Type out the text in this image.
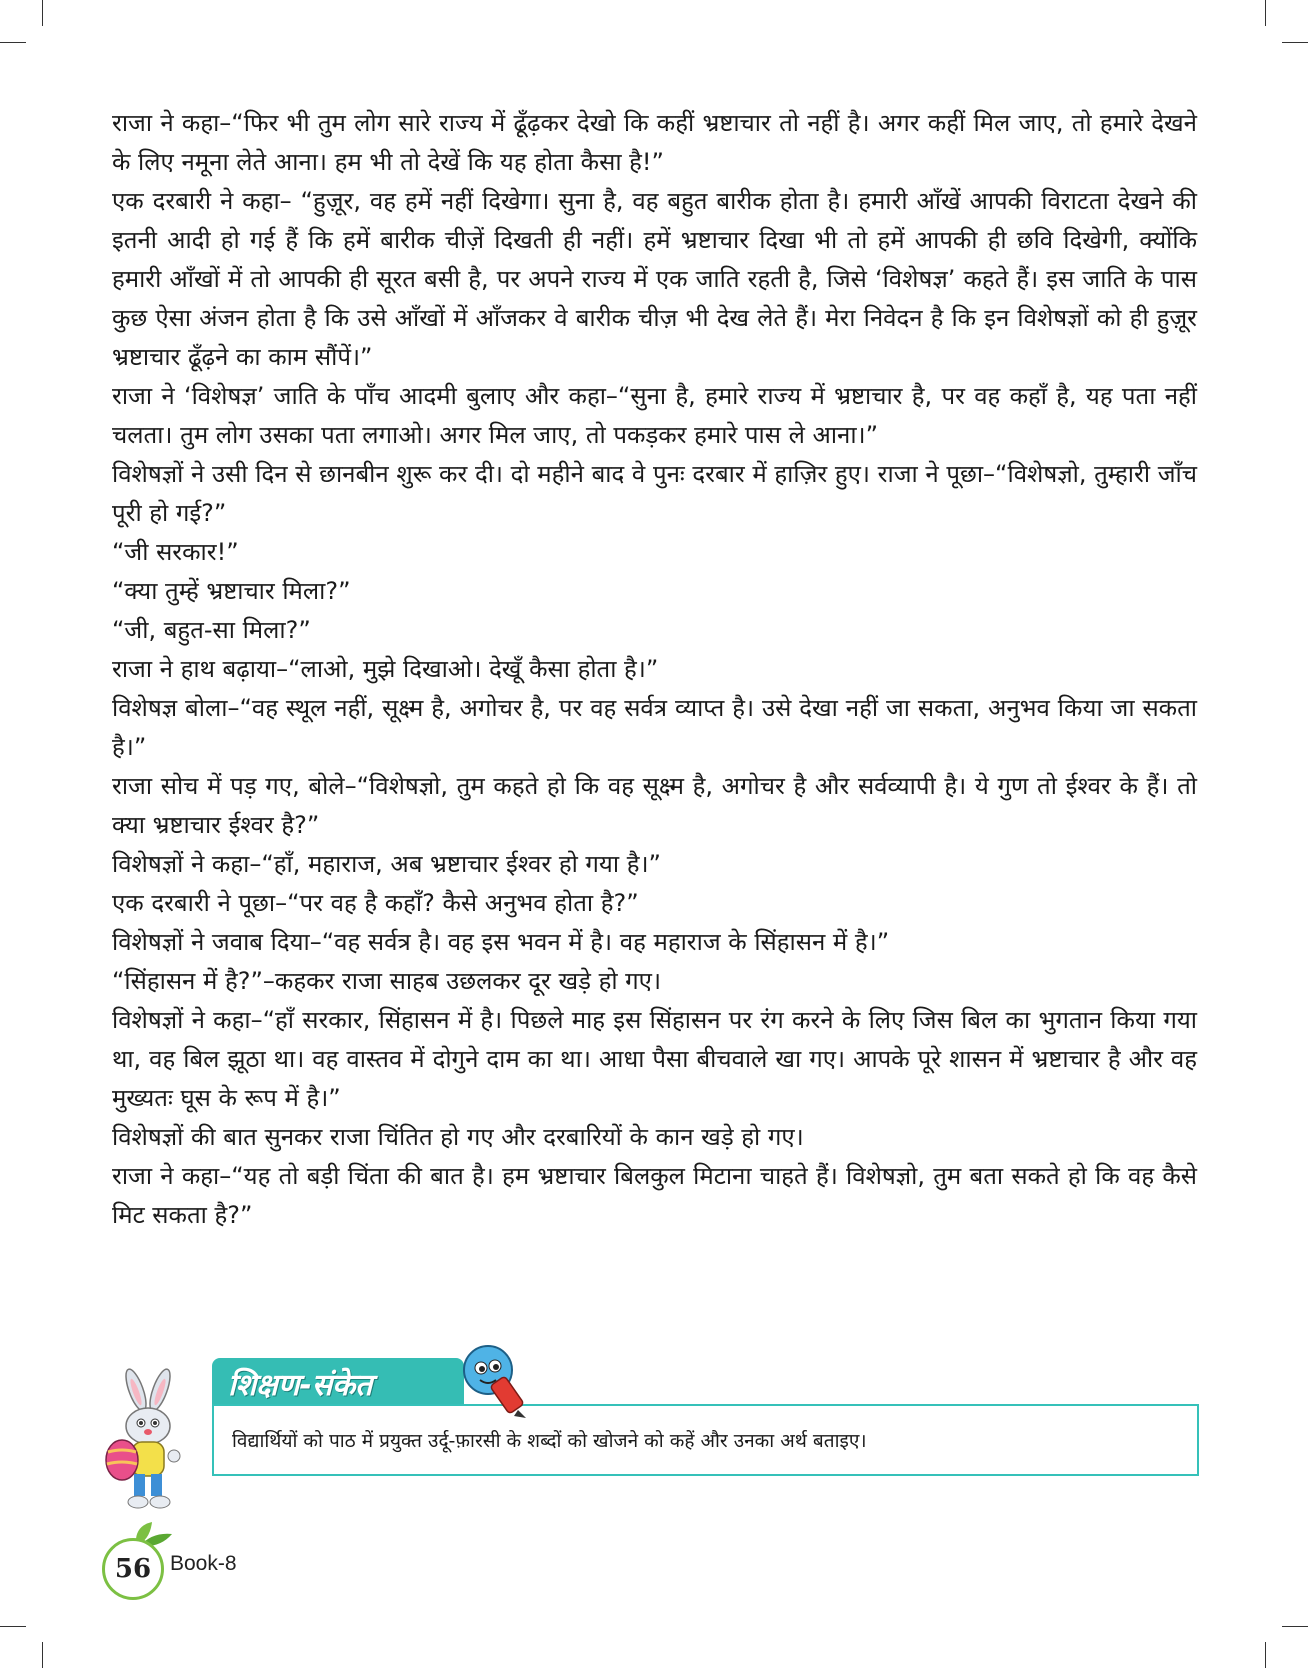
राजा ने कहा–“फिर भी तुम लोग सारे राज्य में ढूँढ़कर देखो कि कहीं भ्रष्टाचार तो नहीं है। अगर कहीं मिल जाए, तो हमारे देखने के लिए नमूना लेते आना। हम भी तो देखें कि यह होता कैसा है!”

एक दरबारी ने कहा– “हुज़ूर, वह हमें नहीं दिखेगा। सुना है, वह बहुत बारीक होता है। हमारी आँखें आपकी विराटता देखने की इतनी आदी हो गई हैं कि हमें बारीक चीज़ें दिखती ही नहीं। हमें भ्रष्टाचार दिखा भी तो हमें आपकी ही छवि दिखेगी, क्योंकि हमारी आँखों में तो आपकी ही सूरत बसी है, पर अपने राज्य में एक जाति रहती है, जिसे ‘विशेषज्ञ’ कहते हैं। इस जाति के पास कुछ ऐसा अंजन होता है कि उसे आँखों में आँजकर वे बारीक चीज़ भी देख लेते हैं। मेरा निवेदन है कि इन विशेषज्ञों को ही हुज़ूर भ्रष्टाचार ढूँढ़ने का काम सौंपें।”

राजा ने ‘विशेषज्ञ’ जाति के पाँच आदमी बुलाए और कहा–“सुना है, हमारे राज्य में भ्रष्टाचार है, पर वह कहाँ है, यह पता नहीं चलता। तुम लोग उसका पता लगाओ। अगर मिल जाए, तो पकड़कर हमारे पास ले आना।”

विशेषज्ञों ने उसी दिन से छानबीन शुरू कर दी। दो महीने बाद वे पुनः दरबार में हाज़िर हुए। राजा ने पूछा–“विशेषज्ञो, तुम्हारी जाँच पूरी हो गई?”

“जी सरकार!”

“क्या तुम्हें भ्रष्टाचार मिला?”

“जी, बहुत-सा मिला?”

राजा ने हाथ बढ़ाया–“लाओ, मुझे दिखाओ। देखूँ कैसा होता है।”

विशेषज्ञ बोला–“वह स्थूल नहीं, सूक्ष्म है, अगोचर है, पर वह सर्वत्र व्याप्त है। उसे देखा नहीं जा सकता, अनुभव किया जा सकता है।”

राजा सोच में पड़ गए, बोले–“विशेषज्ञो, तुम कहते हो कि वह सूक्ष्म है, अगोचर है और सर्वव्यापी है। ये गुण तो ईश्वर के हैं। तो क्या भ्रष्टाचार ईश्वर है?”

विशेषज्ञों ने कहा–“हाँ, महाराज, अब भ्रष्टाचार ईश्वर हो गया है।”

एक दरबारी ने पूछा–“पर वह है कहाँ? कैसे अनुभव होता है?”

विशेषज्ञों ने जवाब दिया–“वह सर्वत्र है। वह इस भवन में है। वह महाराज के सिंहासन में है।”

“सिंहासन में है?”–कहकर राजा साहब उछलकर दूर खड़े हो गए।

विशेषज्ञों ने कहा–“हाँ सरकार, सिंहासन में है। पिछले माह इस सिंहासन पर रंग करने के लिए जिस बिल का भुगतान किया गया था, वह बिल झूठा था। वह वास्तव में दोगुने दाम का था। आधा पैसा बीचवाले खा गए। आपके पूरे शासन में भ्रष्टाचार है और वह मुख्यतः घूस के रूप में है।”

विशेषज्ञों की बात सुनकर राजा चिंतित हो गए और दरबारियों के कान खड़े हो गए।

राजा ने कहा–“यह तो बड़ी चिंता की बात है। हम भ्रष्टाचार बिलकुल मिटाना चाहते हैं। विशेषज्ञो, तुम बता सकते हो कि वह कैसे मिट सकता है?”

विद्यार्थियों को पाठ में प्रयुक्त उर्दू-फ़ारसी के शब्दों को खोजने को कहें और उनका अर्थ बताइए।
शिक्षण-संकेत
56 Book-8
